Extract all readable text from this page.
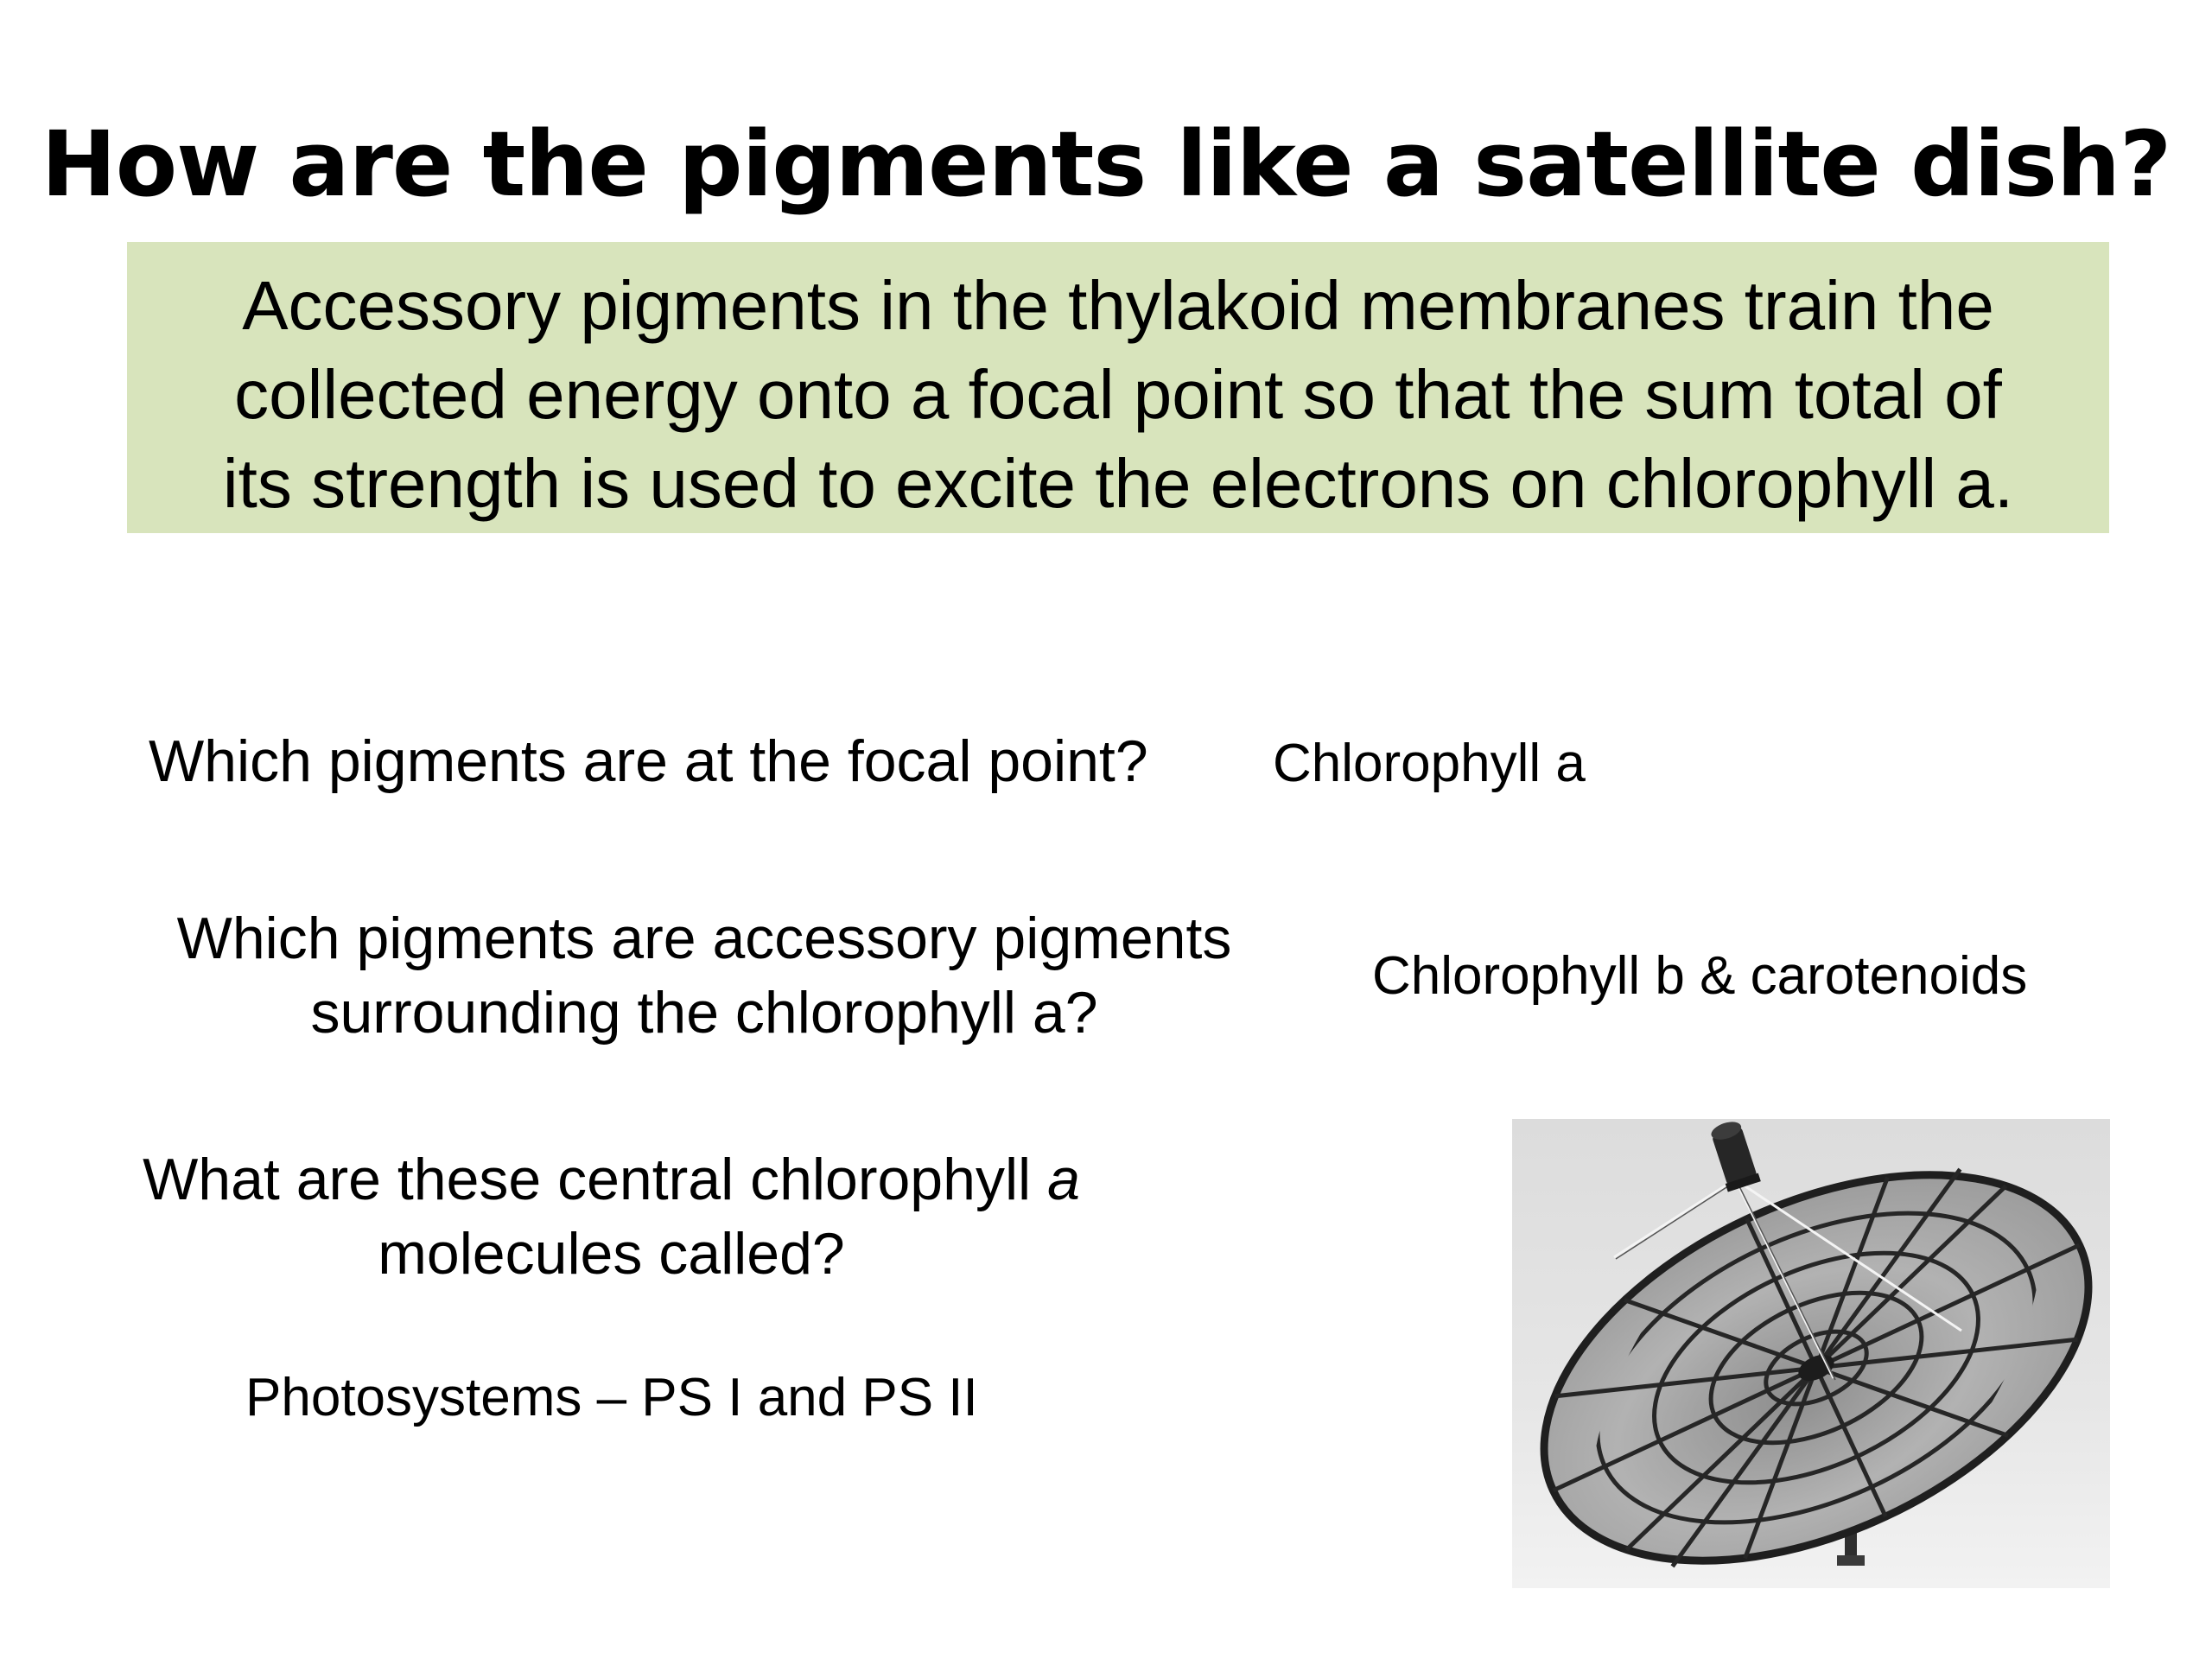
How are the pigments like a satellite dish?
Accessory pigments in the thylakoid membranes train the
collected energy onto a focal point so that the sum total of
its strength is used to excite the electrons on chlorophyll a.
Which pigments are at the focal point? Chlorophyll a
Which pigments are accessory pigments
surrounding the chlorophyll a?
Chlorophyll b & carotenoids
What are these central chlorophyll a
molecules called?
Photosystems – PS I and PS II
